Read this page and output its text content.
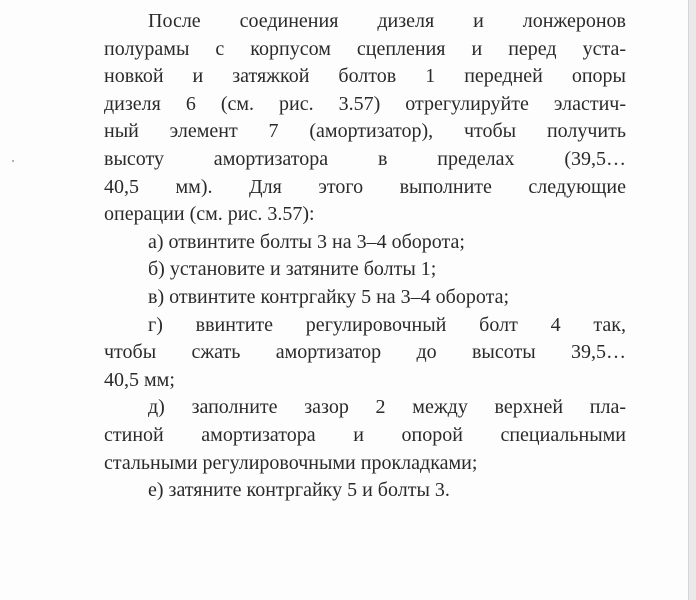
После соединения дизеля и лонжеронов
полурамы с корпусом сцепления и перед уста-
новкой и затяжкой болтов 1 передней опоры
дизеля 6 (см. рис. 3.57) отрегулируйте эластич-
ный элемент 7 (амортизатор), чтобы получить
высоту амортизатора в пределах (39,5…
40,5 мм). Для этого выполните следующие
операции (см. рис. 3.57):
а) отвинтите болты 3 на 3–4 оборота;
б) установите и затяните болты 1;
в) отвинтите контргайку 5 на 3–4 оборота;
г) ввинтите регулировочный болт 4 так,
чтобы сжать амортизатор до высоты 39,5…
40,5 мм;
д) заполните зазор 2 между верхней пла-
стиной амортизатора и опорой специальными
стальными регулировочными прокладками;
е) затяните контргайку 5 и болты 3.
